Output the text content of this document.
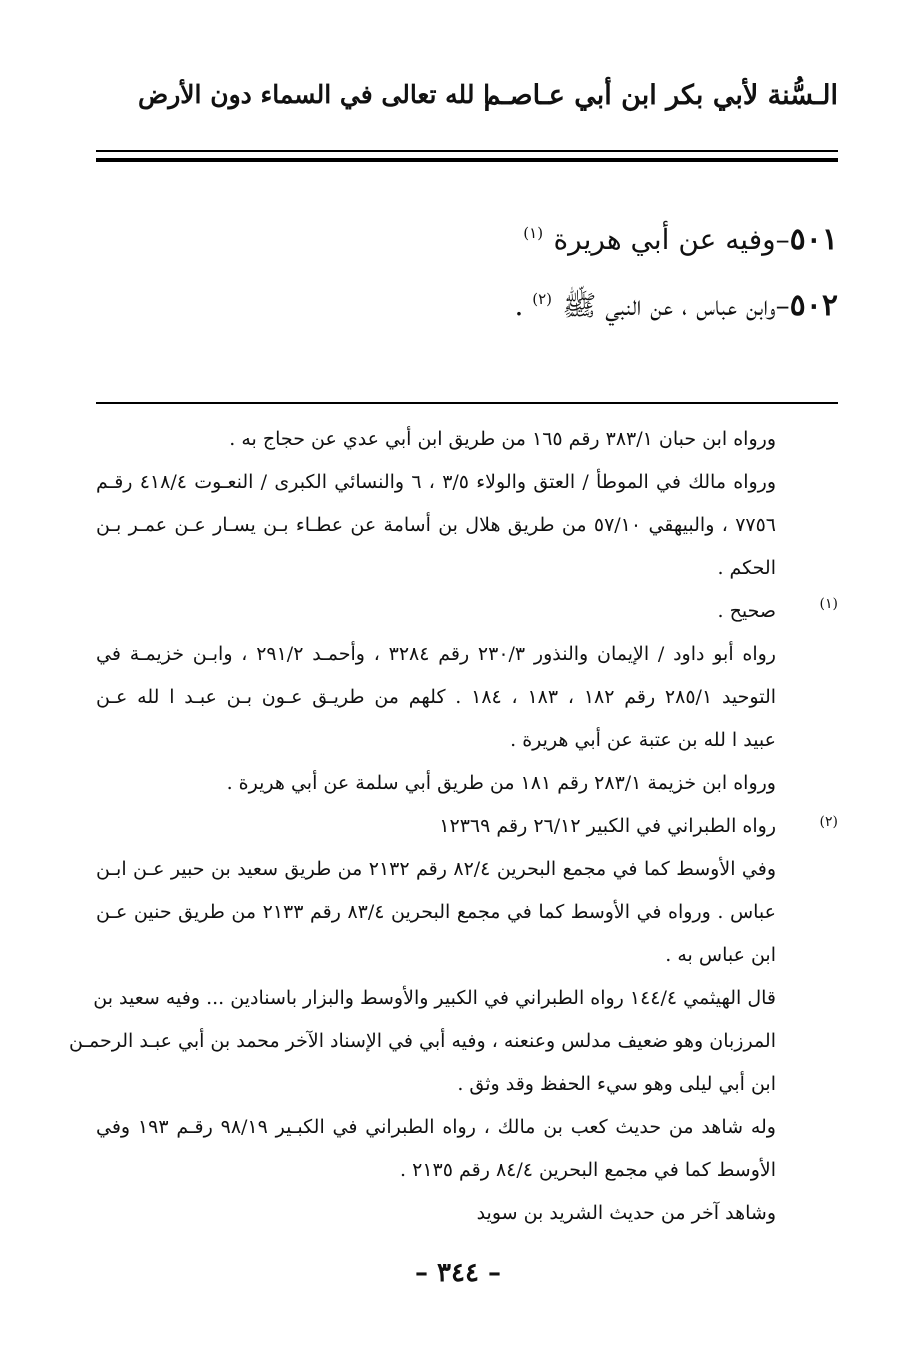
الـسُّنة لأبي بكر ابن أبي عـاصـم
ا لله تعالى في السماء دون الأرض
٥٠١–وفيه عن أبي هريرة $^{(١)}$
٥٠٢–وابن عباس ، عن النبي ﷺ $^{(٢)}$ .
(١)
(٢)
ورواه ابن حبان ٣٨٣/١ رقم ١٦٥ من طريق ابن أبي عدي عن حجاج به .
ورواه مالك في الموطأ / العتق والولاء ٣/٥ ، ٦ والنسائي الكبرى / النعـوت ٤١٨/٤ رقـم
٧٧٥٦ ، والبيهقي ٥٧/١٠ من طريق هلال بن أسامة عن عطـاء بـن يسـار عـن عمـر بـن
الحكم .
صحيح .
رواه أبو داود / الإيمان والنذور ٢٣٠/٣ رقم ٣٢٨٤ ، وأحمـد ٢٩١/٢ ، وابـن خزيمـة في
التوحيد ٢٨٥/١ رقم ١٨٢ ، ١٨٣ ، ١٨٤ . كلهم من طريـق عـون بـن عبـد ا لله عـن
عبيد ا لله بن عتبة عن أبي هريرة .
ورواه ابن خزيمة ٢٨٣/١ رقم ١٨١ من طريق أبي سلمة عن أبي هريرة .
رواه الطبراني في الكبير ٢٦/١٢ رقم ١٢٣٦٩
وفي الأوسط كما في مجمع البحرين ٨٢/٤ رقم ٢١٣٢ من طريق سعيد بن حبير عـن ابـن
عباس . ورواه في الأوسط كما في مجمع البحرين ٨٣/٤ رقم ٢١٣٣ من طريق حنين عـن
ابن عباس به .
قال الهيثمي ١٤٤/٤ رواه الطبراني في الكبير والأوسط والبزار باسنادين ... وفيه سعيد بن
المرزبان وهو ضعيف مدلس وعنعنه ، وفيه أبي في الإسناد الآخر محمد بن أبي عبـد الرحمـن
ابن أبي ليلى وهو سيء الحفظ وقد وثق .
وله شاهد من حديث كعب بن مالك ، رواه الطبراني في الكبـير ٩٨/١٩ رقـم ١٩٣ وفي
الأوسط كما في مجمع البحرين ٨٤/٤ رقم ٢١٣٥ .
وشاهد آخر من حديث الشريد بن سويد
– ٣٤٤ –
